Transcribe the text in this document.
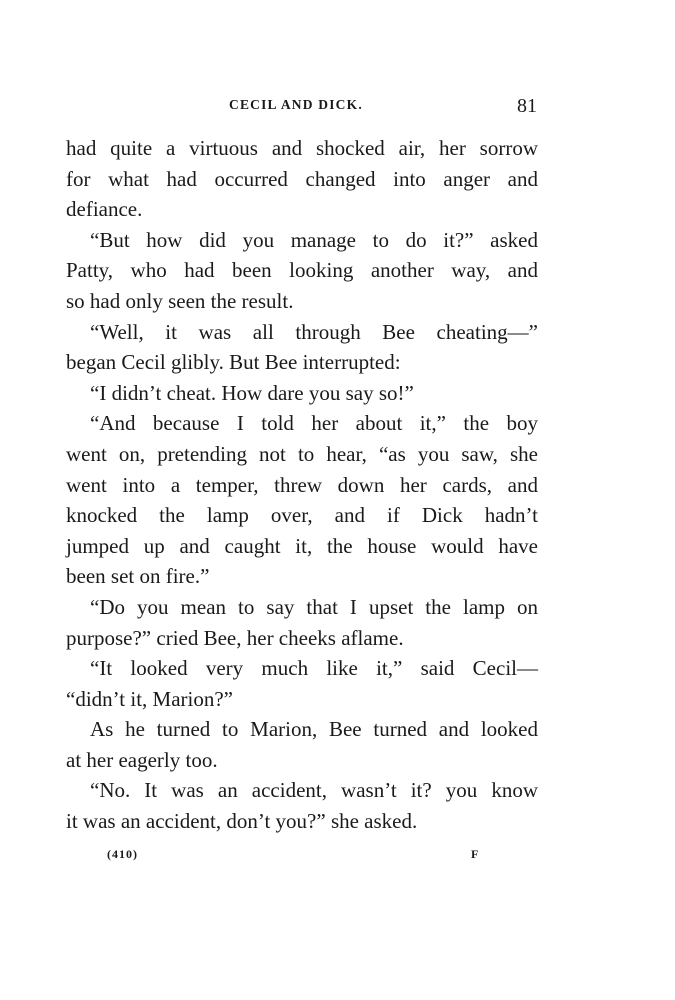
CECIL AND DICK.	81
had quite a virtuous and shocked air, her sorrow
for what had occurred changed into anger and
defiance.
“But how did you manage to do it?” asked
Patty, who had been looking another way, and
so had only seen the result.
“Well, it was all through Bee cheating—”
began Cecil glibly. But Bee interrupted:
“I didn’t cheat. How dare you say so!”
“And because I told her about it,” the boy
went on, pretending not to hear, “as you saw, she
went into a temper, threw down her cards, and
knocked the lamp over, and if Dick hadn’t
jumped up and caught it, the house would have
been set on fire.”
“Do you mean to say that I upset the lamp on
purpose?” cried Bee, her cheeks aflame.
“It looked very much like it,” said Cecil—
“didn’t it, Marion?”
As he turned to Marion, Bee turned and looked
at her eagerly too.
“No. It was an accident, wasn’t it? you know
it was an accident, don’t you?” she asked.
(410)	F
